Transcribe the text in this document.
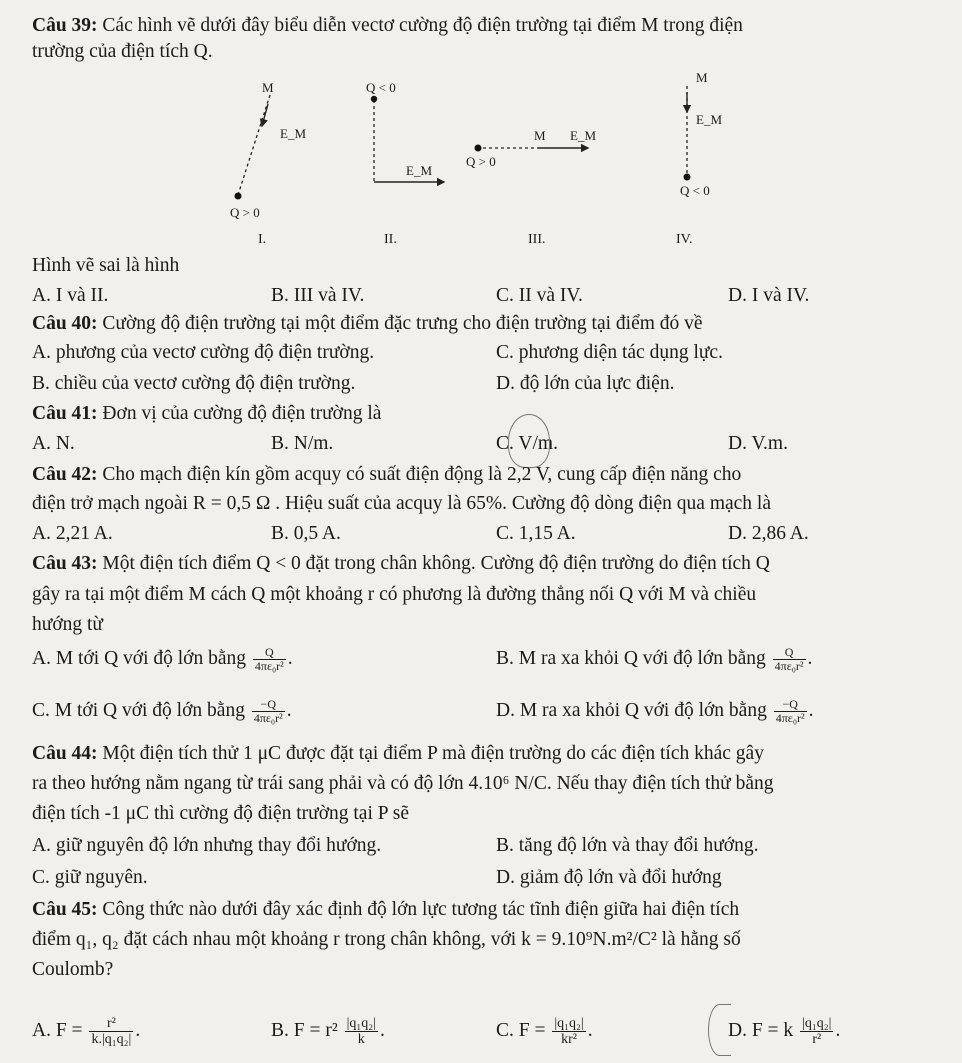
Câu 39: Các hình vẽ dưới đây biểu diễn vectơ cường độ điện trường tại điểm M trong điện
trường của điện tích Q.
M
E_M
Q > 0
I.
Q < 0
E_M
II.
M E_M
Q > 0
III.
M
E_M
Q < 0
IV.
Hình vẽ sai là hình
A. I và II.	B. III và IV.	C. II và IV.	D. I và IV.
Câu 40: Cường độ điện trường tại một điểm đặc trưng cho điện trường tại điểm đó về
A. phương của vectơ cường độ điện trường.	C. phương diện tác dụng lực.
B. chiều của vectơ cường độ điện trường.	D. độ lớn của lực điện.
Câu 41: Đơn vị của cường độ điện trường là
A. N.	B. N/m.	C. V/m.	D. V.m.
Câu 42: Cho mạch điện kín gồm acquy có suất điện động là 2,2 V, cung cấp điện năng cho
điện trở mạch ngoài R = 0,5 Ω . Hiệu suất của acquy là 65%. Cường độ dòng điện qua mạch là
A. 2,21 A.	B. 0,5 A.	C. 1,15 A.	D. 2,86 A.
Câu 43: Một điện tích điểm Q < 0 đặt trong chân không. Cường độ điện trường do điện tích Q
gây ra tại một điểm M cách Q một khoảng r có phương là đường thẳng nối Q với M và chiều
hướng từ
A. M tới Q với độ lớn bằng $\frac{Q}{\text{4πε₀r²}}$ .	B. M ra xa khỏi Q với độ lớn bằng $\frac{Q}{\text{4πε₀r²}}$ .
C. M tới Q với độ lớn bằng $\frac{-Q}{\text{4πε₀r²}}$ .	D. M ra xa khỏi Q với độ lớn bằng $\frac{-Q}{\text{4πε₀r²}}$ .
Câu 44: Một điện tích thử 1 μC được đặt tại điểm P mà điện trường do các điện tích khác gây
ra theo hướng nằm ngang từ trái sang phải và có độ lớn 4.10⁶ N/C. Nếu thay điện tích thử bằng
điện tích -1 μC thì cường độ điện trường tại P sẽ
A. giữ nguyên độ lớn nhưng thay đổi hướng.	B. tăng độ lớn và thay đổi hướng.
C. giữ nguyên.	D. giảm độ lớn và đổi hướng
Câu 45: Công thức nào dưới đây xác định độ lớn lực tương tác tĩnh điện giữa hai điện tích
điểm q₁, q₂ đặt cách nhau một khoảng r trong chân không, với k = 9.10⁹N.m²/C² là hằng số
Coulomb?
A. $F = \frac{\text{r²}}{\text{k.|q₁q₂|}}$ .	B. $F = r^2 \frac{\text{|q₁q₂|}}{k}$ .	C. $F = \frac{\text{|q₁q₂|}}{\text{kr²}}$ .	D. F = k $\frac{\text{|q₁q₂|}}{\text{r²}}$ .
